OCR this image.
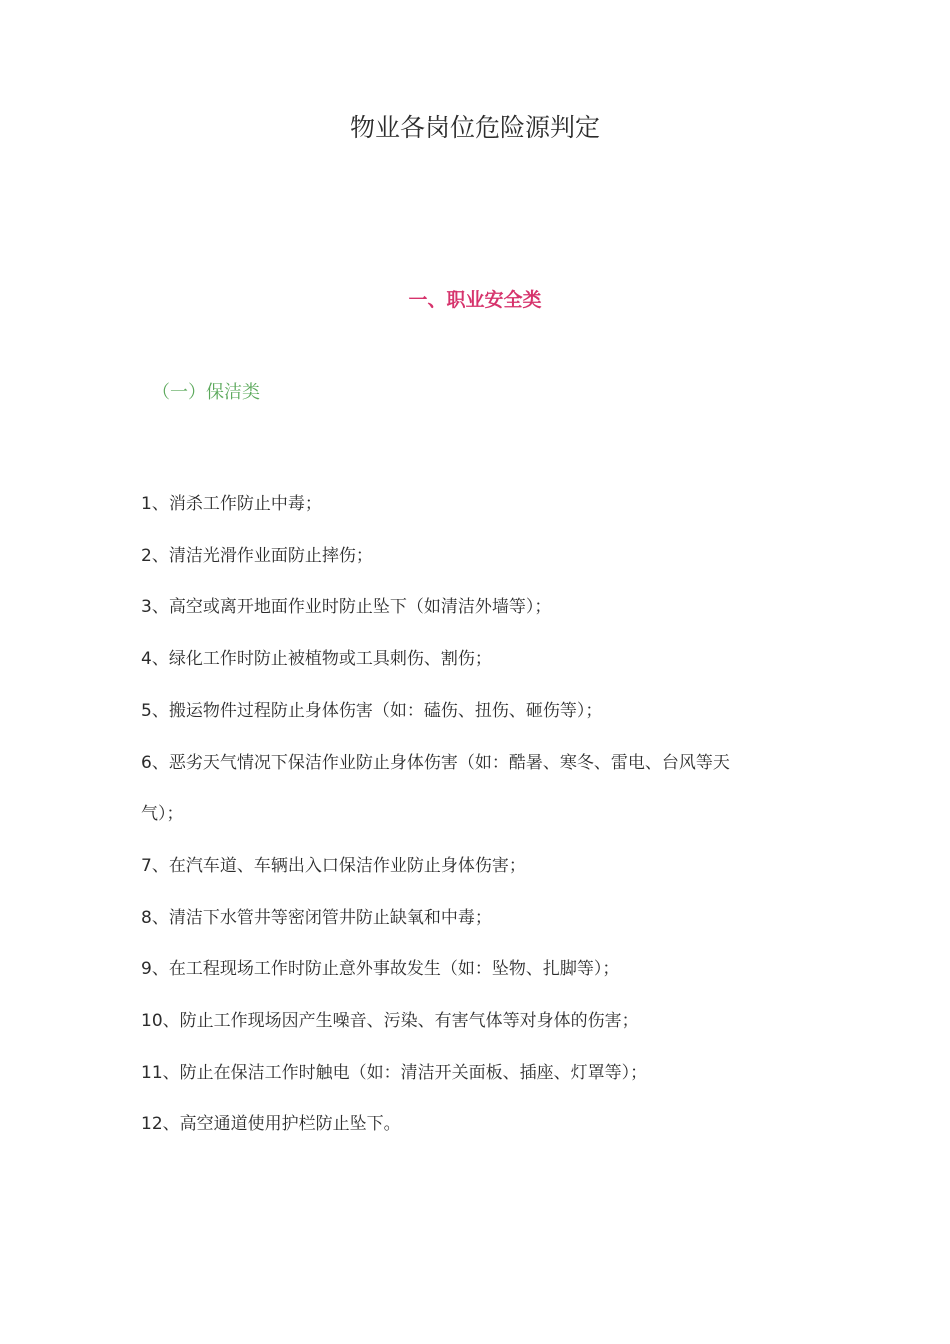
物业各岗位危险源判定
一、职业安全类
（一）保洁类
1、消杀工作防止中毒；
2、清洁光滑作业面防止摔伤；
3、高空或离开地面作业时防止坠下（如清洁外墙等）；
4、绿化工作时防止被植物或工具刺伤、割伤；
5、搬运物件过程防止身体伤害（如：磕伤、扭伤、砸伤等）；
6、恶劣天气情况下保洁作业防止身体伤害（如：酷暑、寒冬、雷电、台风等天
气）；
7、在汽车道、车辆出入口保洁作业防止身体伤害；
8、清洁下水管井等密闭管井防止缺氧和中毒；
9、在工程现场工作时防止意外事故发生（如：坠物、扎脚等）；
10、防止工作现场因产生噪音、污染、有害气体等对身体的伤害；
11、防止在保洁工作时触电（如：清洁开关面板、插座、灯罩等）；
12、高空通道使用护栏防止坠下。
